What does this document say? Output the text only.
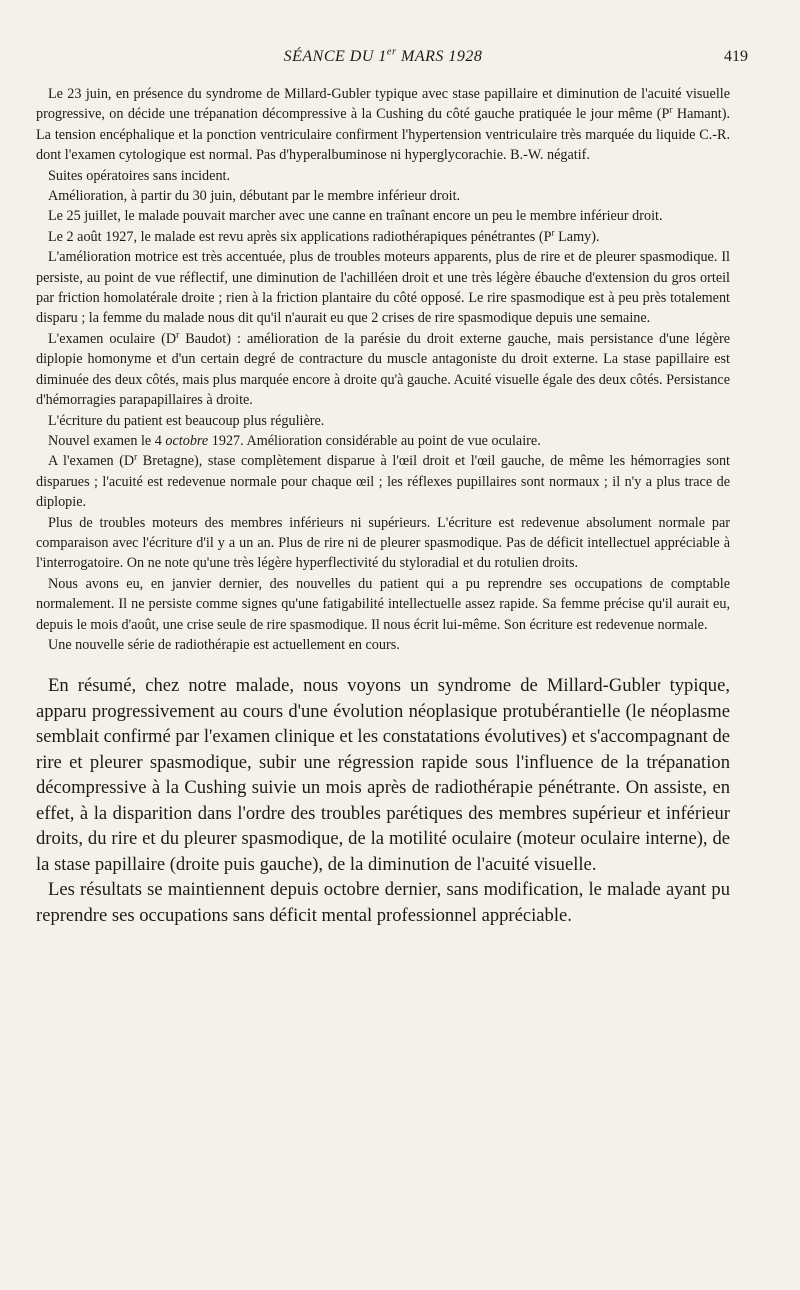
SÉANCE DU 1er MARS 1928	419

Le 23 juin, en présence du syndrome de Millard-Gubler typique avec stase papillaire et diminution de l'acuité visuelle progressive, on décide une trépanation décompressive à la Cushing du côté gauche pratiquée le jour même ($P^r$ Hamant). La tension encéphalique et la ponction ventriculaire confirment l'hypertension ventriculaire très marquée du liquide C.-R. dont l'examen cytologique est normal. Pas d'hyperalbuminose ni hyperglycorachie. B.-W. négatif.

Suites opératoires sans incident.

Amélioration, à partir du 30 juin, débutant par le membre inférieur droit.

Le 25 juillet, le malade pouvait marcher avec une canne en traînant encore un peu le membre inférieur droit.

Le 2 août 1927, le malade est revu après six applications radiothérapiques pénétrantes ($P^r$ Lamy).

L'amélioration motrice est très accentuée, plus de troubles moteurs apparents, plus de rire et de pleurer spasmodique. Il persiste, au point de vue réflectif, une diminution de l'achilléen droit et une très légère ébauche d'extension du gros orteil par friction homolatérale droite ; rien à la friction plantaire du côté opposé. Le rire spasmodique est à peu près totalement disparu ; la femme du malade nous dit qu'il n'aurait eu que 2 crises de rire spasmodique depuis une semaine.

L'examen oculaire ($D^r$ Baudot) : amélioration de la parésie du droit externe gauche, mais persistance d'une légère diplopie homonyme et d'un certain degré de contracture du muscle antagoniste du droit externe. La stase papillaire est diminuée des deux côtés, mais plus marquée encore à droite qu'à gauche. Acuité visuelle égale des deux côtés. Persistance d'hémorragies parapapillaires à droite.

L'écriture du patient est beaucoup plus régulière.

Nouvel examen le 4 octobre 1927. Amélioration considérable au point de vue oculaire.

A l'examen ($D^r$ Bretagne), stase complètement disparue à l'œil droit et l'œil gauche, de même les hémorragies sont disparues ; l'acuité est redevenue normale pour chaque œil ; les réflexes pupillaires sont normaux ; il n'y a plus trace de diplopie.

Plus de troubles moteurs des membres inférieurs ni supérieurs. L'écriture est redevenue absolument normale par comparaison avec l'écriture d'il y a un an. Plus de rire ni de pleurer spasmodique. Pas de déficit intellectuel appréciable à l'interrogatoire. On ne note qu'une très légère hyperflectivité du styloradial et du rotulien droits.

Nous avons eu, en janvier dernier, des nouvelles du patient qui a pu reprendre ses occupations de comptable normalement. Il ne persiste comme signes qu'une fatigabilité intellectuelle assez rapide. Sa femme précise qu'il aurait eu, depuis le mois d'août, une crise seule de rire spasmodique. Il nous écrit lui-même. Son écriture est redevenue normale.

Une nouvelle série de radiothérapie est actuellement en cours.

En résumé, chez notre malade, nous voyons un syndrome de Millard-Gubler typique, apparu progressivement au cours d'une évolution néoplasique protubérantielle (le néoplasme semblait confirmé par l'examen clinique et les constatations évolutives) et s'accompagnant de rire et pleurer spasmodique, subir une régression rapide sous l'influence de la trépanation décompressive à la Cushing suivie un mois après de radiothérapie pénétrante. On assiste, en effet, à la disparition dans l'ordre des troubles parétiques des membres supérieur et inférieur droits, du rire et du pleurer spasmodique, de la motilité oculaire (moteur oculaire interne), de la stase papillaire (droite puis gauche), de la diminution de l'acuité visuelle.

Les résultats se maintiennent depuis octobre dernier, sans modification, le malade ayant pu reprendre ses occupations sans déficit mental professionnel appréciable.
